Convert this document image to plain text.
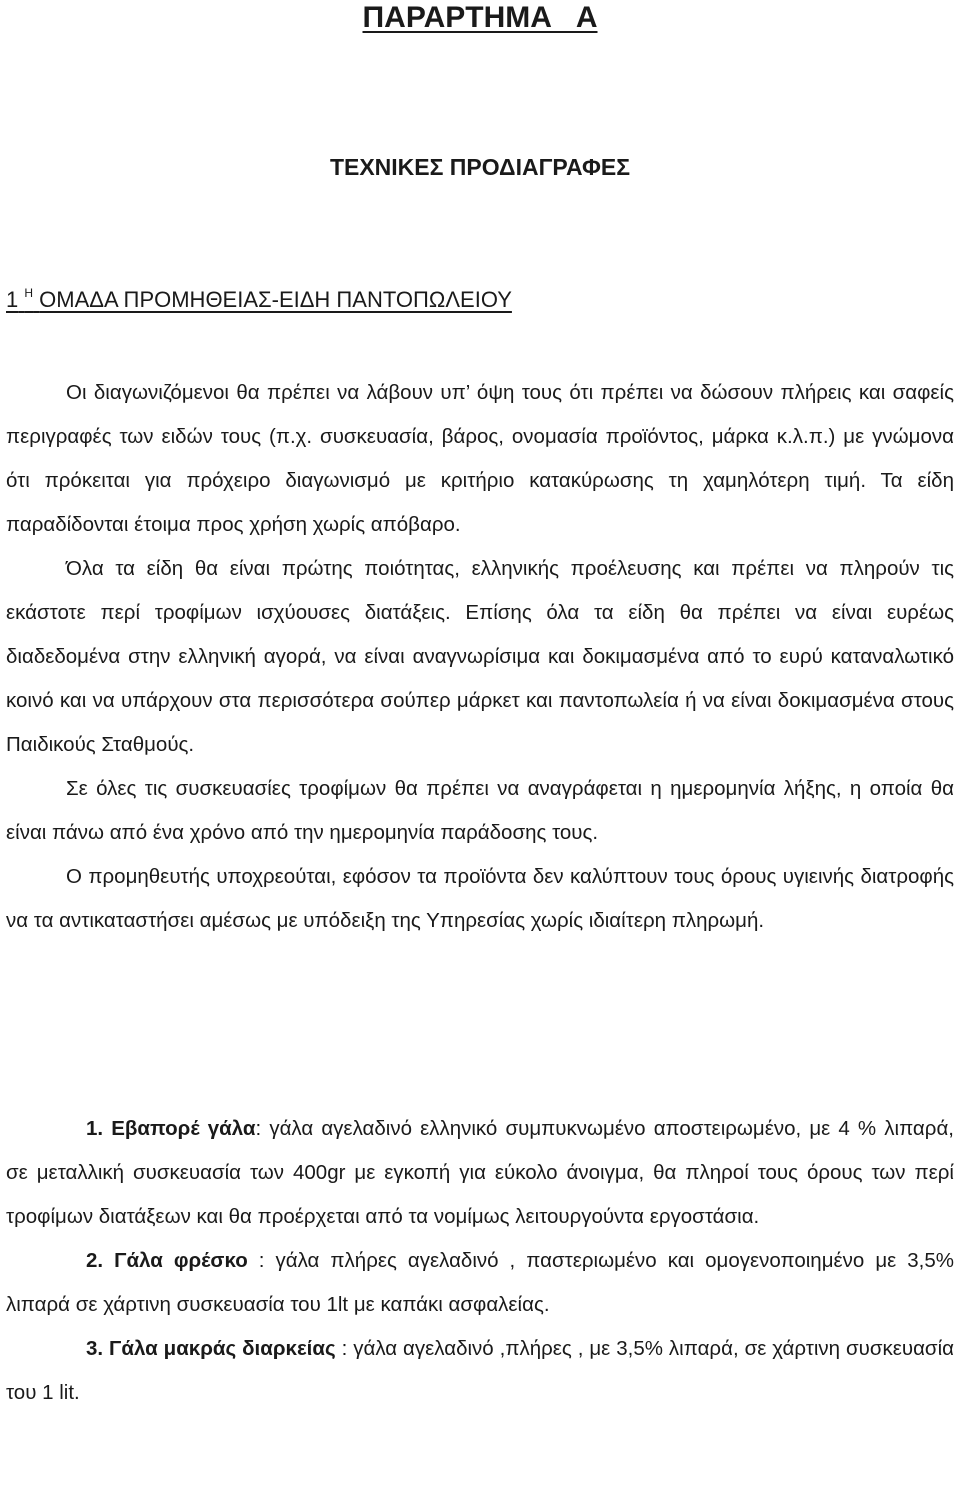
ΠΑΡΑΡΤΗΜΑ   Α
ΤΕΧΝΙΚΕΣ ΠΡΟΔΙΑΓΡΑΦΕΣ
1 $^H$ ΟΜΑΔΑ ΠΡΟΜΗΘΕΙΑΣ-ΕΙΔΗ ΠΑΝΤΟΠΩΛΕΙΟΥ

Οι διαγωνιζόμενοι θα πρέπει να λάβουν υπ’ όψη τους ότι πρέπει να δώσουν πλήρεις και σαφείς περιγραφές των ειδών τους (π.χ. συσκευασία, βάρος, ονομασία προϊόντος, μάρκα κ.λ.π.) με γνώμονα ότι πρόκειται για πρόχειρο διαγωνισμό με κριτήριο κατακύρωσης τη χαμηλότερη τιμή. Τα είδη παραδίδονται έτοιμα προς χρήση χωρίς απόβαρο.

Όλα τα είδη θα είναι πρώτης ποιότητας, ελληνικής προέλευσης και πρέπει να πληρούν τις εκάστοτε περί τροφίμων ισχύουσες διατάξεις. Επίσης όλα τα είδη θα πρέπει να είναι ευρέως διαδεδομένα στην ελληνική αγορά, να είναι αναγνωρίσιμα και δοκιμασμένα από το ευρύ καταναλωτικό κοινό και να υπάρχουν στα περισσότερα σούπερ μάρκετ και παντοπωλεία ή να είναι δοκιμασμένα στους Παιδικούς Σταθμούς.

Σε όλες τις συσκευασίες τροφίμων θα πρέπει να αναγράφεται η ημερομηνία λήξης, η οποία θα είναι πάνω από ένα χρόνο από την ημερομηνία παράδοσης τους.

Ο προμηθευτής υποχρεούται, εφόσον τα προϊόντα δεν καλύπτουν τους όρους υγιεινής διατροφής να τα αντικαταστήσει αμέσως με υπόδειξη της Υπηρεσίας χωρίς ιδιαίτερη πληρωμή.

1. Εβαπορέ γάλα: γάλα αγελαδινό ελληνικό συμπυκνωμένο αποστειρωμένο, με 4 % λιπαρά, σε μεταλλική συσκευασία των 400gr με εγκοπή για εύκολο άνοιγμα, θα πληροί τους όρους των περί τροφίμων διατάξεων και θα προέρχεται από τα νομίμως λειτουργούντα εργοστάσια.

2. Γάλα φρέσκο : γάλα πλήρες αγελαδινό , παστεριωμένο και ομογενοποιημένο με 3,5% λιπαρά σε χάρτινη συσκευασία του 1lt με καπάκι ασφαλείας.

3. Γάλα μακράς διαρκείας : γάλα αγελαδινό ,πλήρες , με 3,5% λιπαρά, σε χάρτινη συσκευασία του 1 lit.
